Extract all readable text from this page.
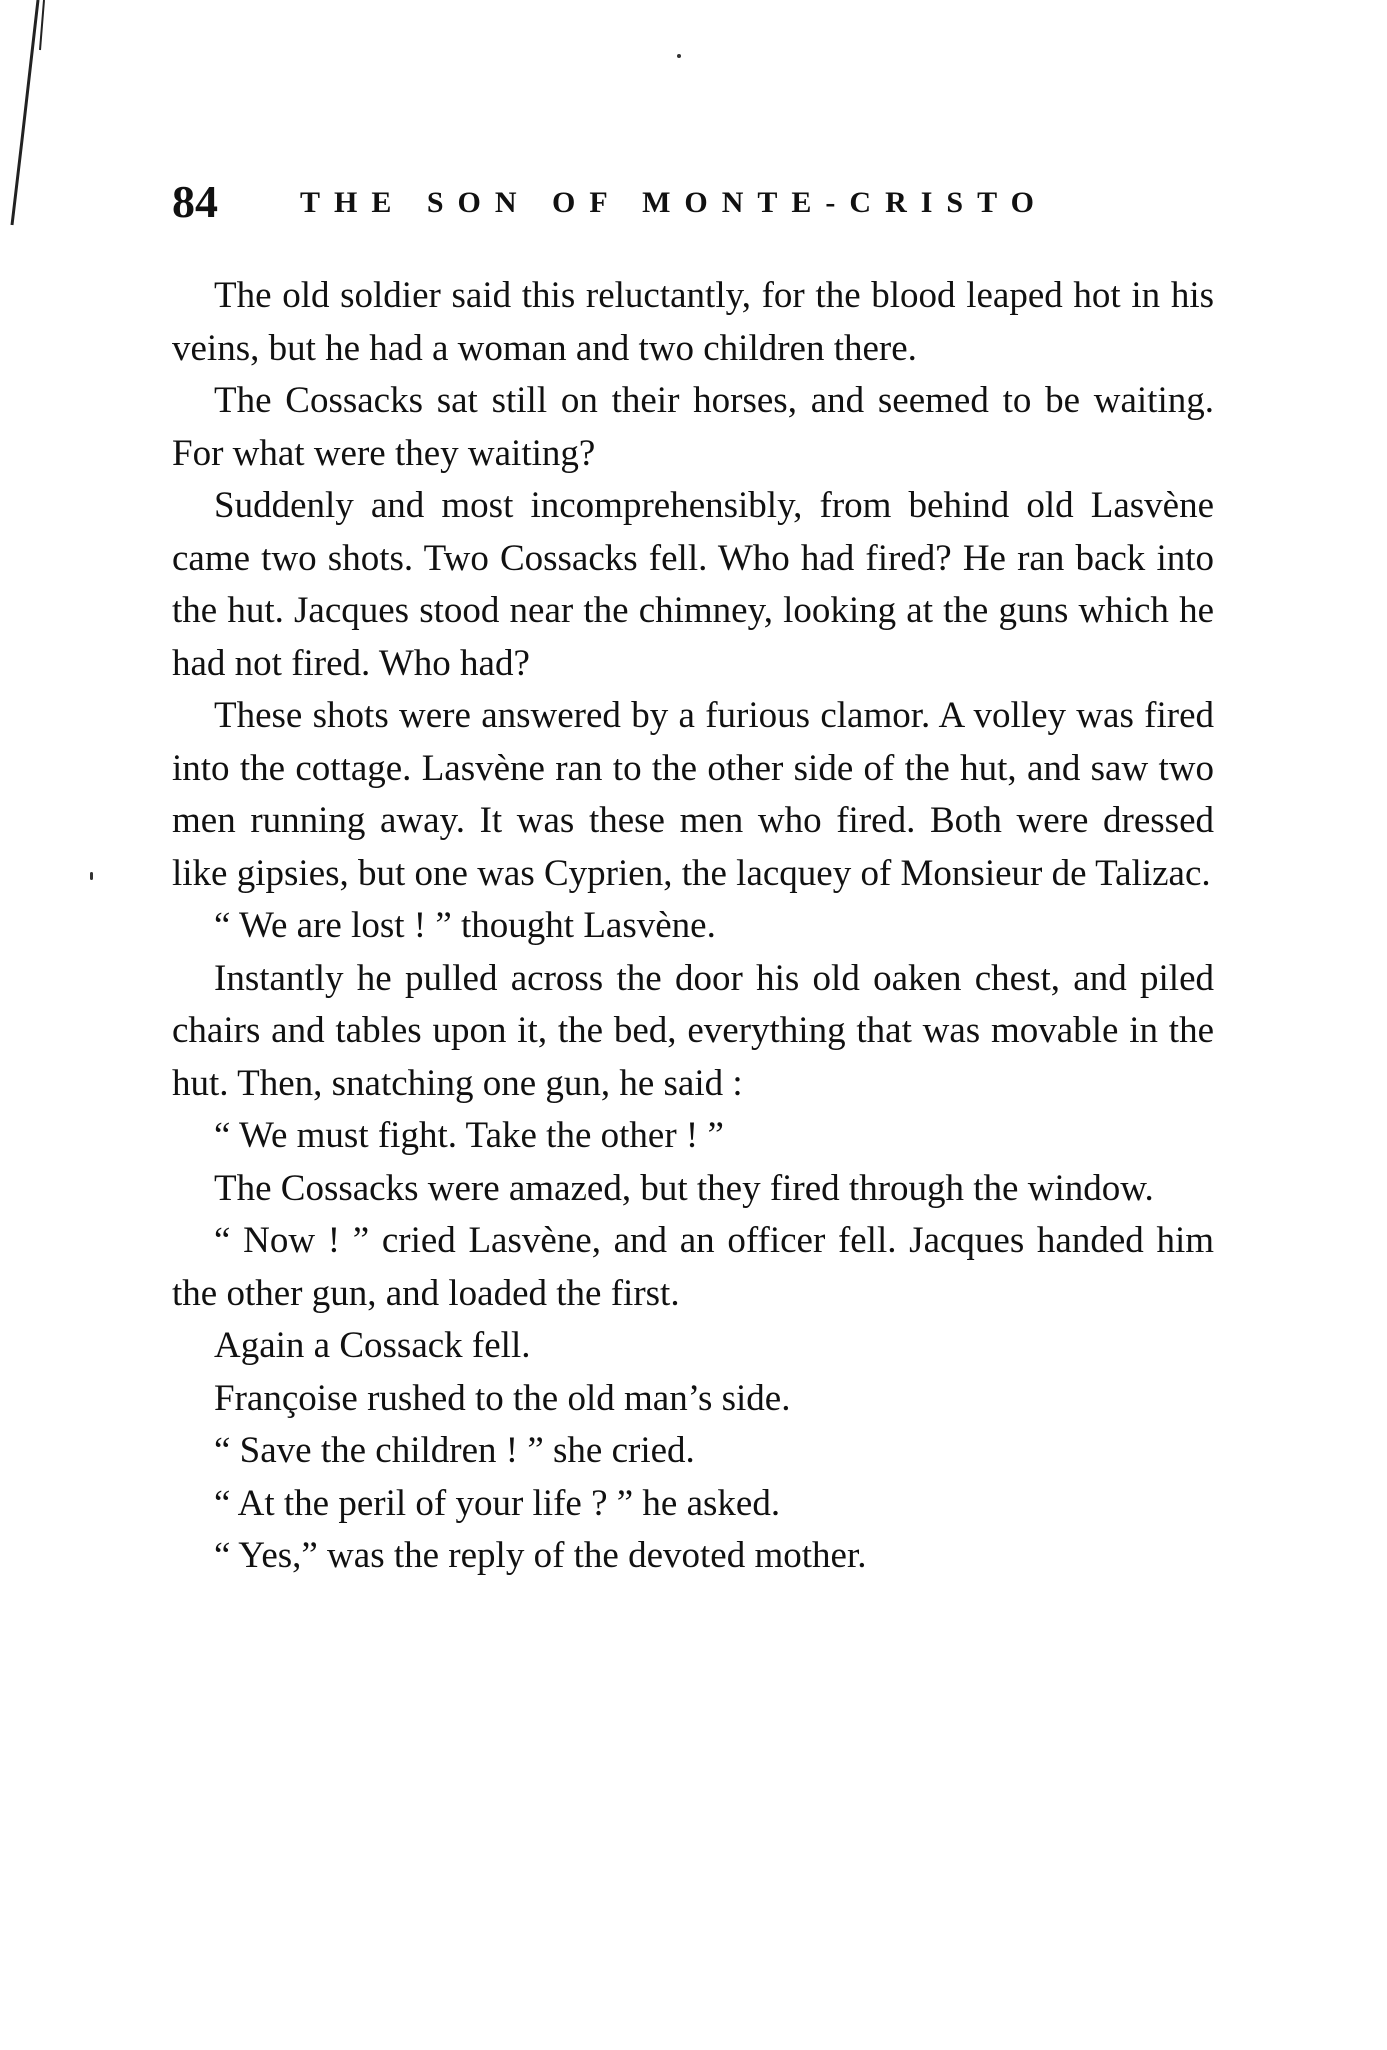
84	THE SON OF MONTE-CRISTO

The old soldier said this reluctantly, for the blood leaped hot in his veins, but he had a woman and two children there.

The Cossacks sat still on their horses, and seemed to be waiting. For what were they waiting?

Suddenly and most incomprehensibly, from behind old Lasvène came two shots. Two Cossacks fell. Who had fired? He ran back into the hut. Jacques stood near the chimney, looking at the guns which he had not fired. Who had?

These shots were answered by a furious clamor. A volley was fired into the cottage. Lasvène ran to the other side of the hut, and saw two men running away. It was these men who fired. Both were dressed like gipsies, but one was Cyprien, the lacquey of Monsieur de Talizac.

“ We are lost ! ” thought Lasvène.

Instantly he pulled across the door his old oaken chest, and piled chairs and tables upon it, the bed, everything that was movable in the hut. Then, snatching one gun, he said :

“ We must fight. Take the other ! ”

The Cossacks were amazed, but they fired through the window.

“ Now ! ” cried Lasvène, and an officer fell. Jacques handed him the other gun, and loaded the first.

Again a Cossack fell.

Françoise rushed to the old man’s side.

“ Save the children ! ” she cried.

“ At the peril of your life ? ” he asked.

“ Yes,” was the reply of the devoted mother.
